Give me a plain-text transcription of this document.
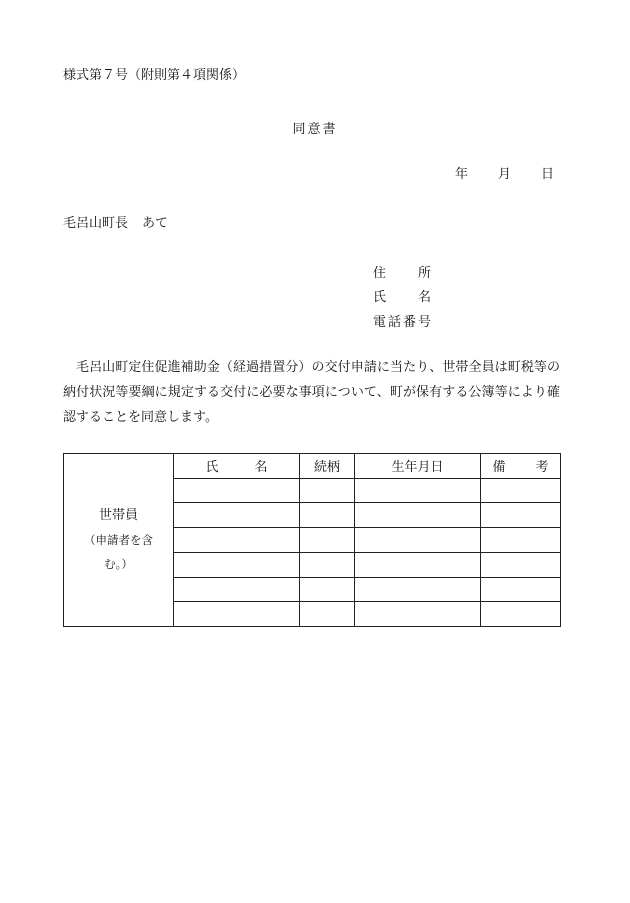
様式第７号（附則第４項関係）
同意書
年 月 日
毛呂山町長 あて
住所
氏名
電話番号
毛呂山町定住促進補助金（経過措置分）の交付申請に当たり、世帯全員は町税等の納付状況等要綱に規定する交付に必要な事項について、町が保有する公簿等により確認することを同意します。
世帯員
（申請者を含
む。）	氏名	続柄	生年月日	備考
